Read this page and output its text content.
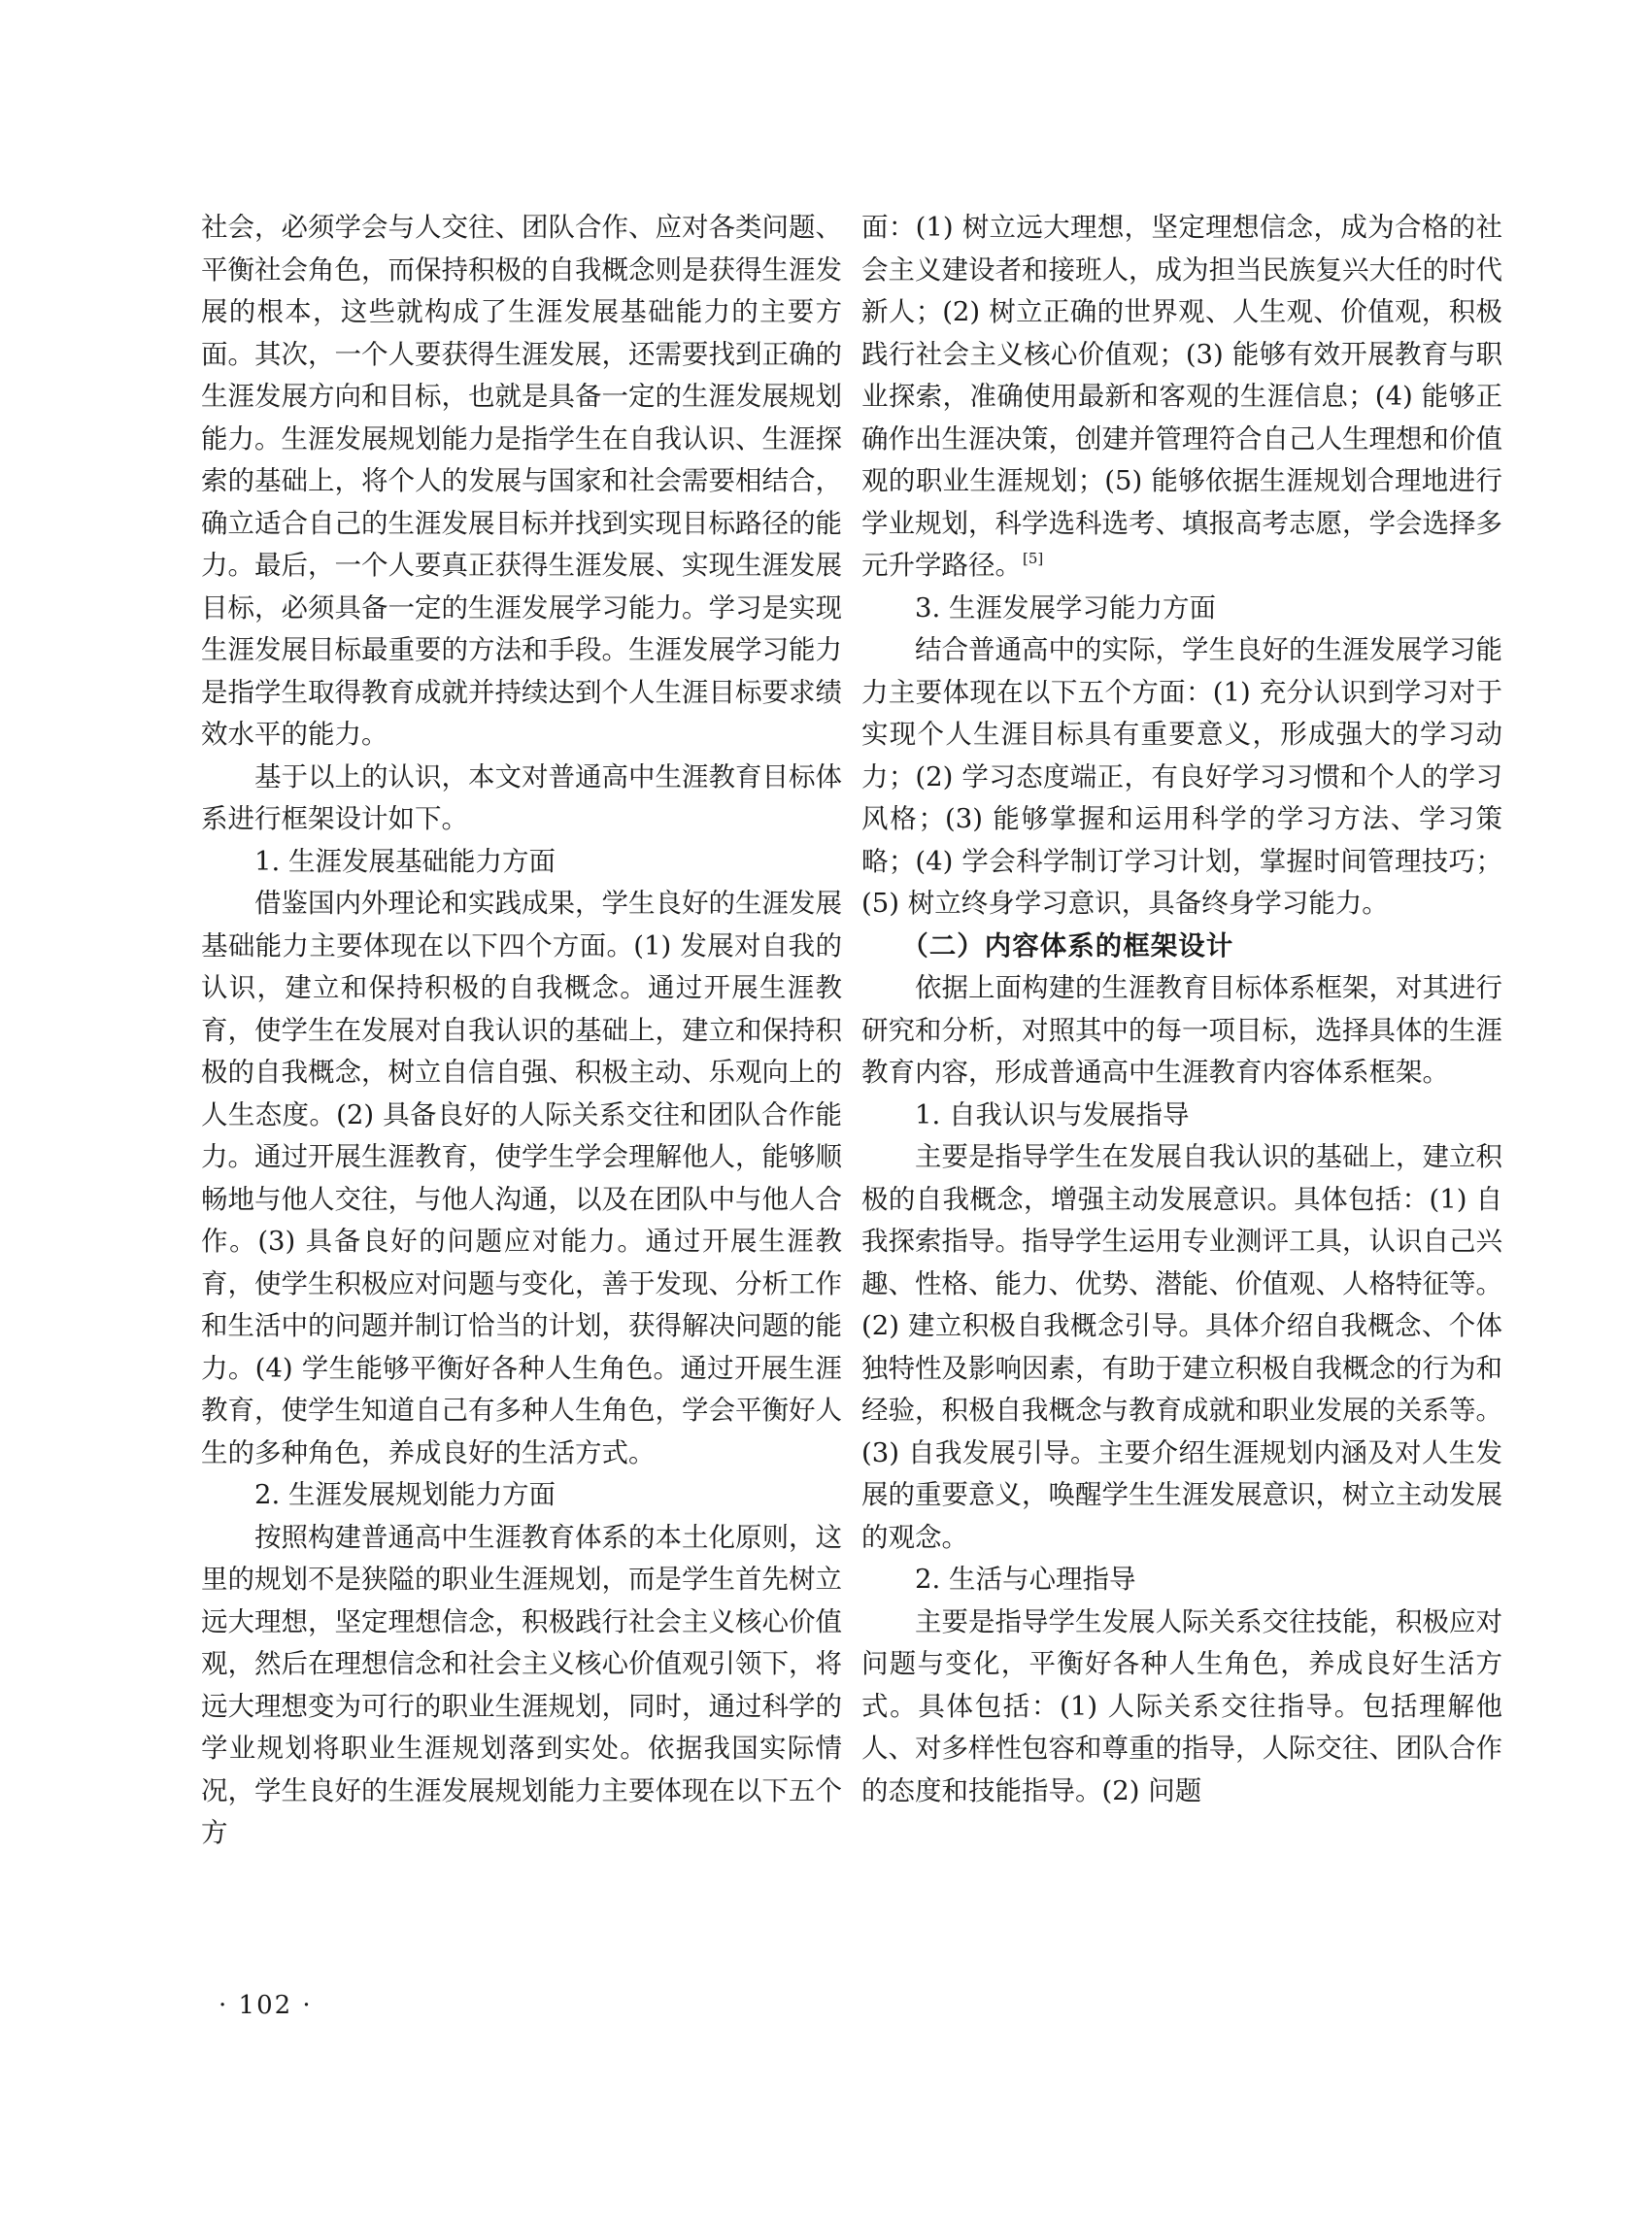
社会，必须学会与人交往、团队合作、应对各类问题、平衡社会角色，而保持积极的自我概念则是获得生涯发展的根本，这些就构成了生涯发展基础能力的主要方面。其次，一个人要获得生涯发展，还需要找到正确的生涯发展方向和目标，也就是具备一定的生涯发展规划能力。生涯发展规划能力是指学生在自我认识、生涯探索的基础上，将个人的发展与国家和社会需要相结合，确立适合自己的生涯发展目标并找到实现目标路径的能力。最后，一个人要真正获得生涯发展、实现生涯发展目标，必须具备一定的生涯发展学习能力。学习是实现生涯发展目标最重要的方法和手段。生涯发展学习能力是指学生取得教育成就并持续达到个人生涯目标要求绩效水平的能力。

基于以上的认识，本文对普通高中生涯教育目标体系进行框架设计如下。

1. 生涯发展基础能力方面

借鉴国内外理论和实践成果，学生良好的生涯发展基础能力主要体现在以下四个方面。(1) 发展对自我的认识，建立和保持积极的自我概念。通过开展生涯教育，使学生在发展对自我认识的基础上，建立和保持积极的自我概念，树立自信自强、积极主动、乐观向上的人生态度。(2) 具备良好的人际关系交往和团队合作能力。通过开展生涯教育，使学生学会理解他人，能够顺畅地与他人交往，与他人沟通，以及在团队中与他人合作。(3) 具备良好的问题应对能力。通过开展生涯教育，使学生积极应对问题与变化，善于发现、分析工作和生活中的问题并制订恰当的计划，获得解决问题的能力。(4) 学生能够平衡好各种人生角色。通过开展生涯教育，使学生知道自己有多种人生角色，学会平衡好人生的多种角色，养成良好的生活方式。

2. 生涯发展规划能力方面

按照构建普通高中生涯教育体系的本土化原则，这里的规划不是狭隘的职业生涯规划，而是学生首先树立远大理想，坚定理想信念，积极践行社会主义核心价值观，然后在理想信念和社会主义核心价值观引领下，将远大理想变为可行的职业生涯规划，同时，通过科学的学业规划将职业生涯规划落到实处。依据我国实际情况，学生良好的生涯发展规划能力主要体现在以下五个方

面：(1) 树立远大理想，坚定理想信念，成为合格的社会主义建设者和接班人，成为担当民族复兴大任的时代新人；(2) 树立正确的世界观、人生观、价值观，积极践行社会主义核心价值观；(3) 能够有效开展教育与职业探索，准确使用最新和客观的生涯信息；(4) 能够正确作出生涯决策，创建并管理符合自己人生理想和价值观的职业生涯规划；(5) 能够依据生涯规划合理地进行学业规划，科学选科选考、填报高考志愿，学会选择多元升学路径。[5]

3. 生涯发展学习能力方面

结合普通高中的实际，学生良好的生涯发展学习能力主要体现在以下五个方面：(1) 充分认识到学习对于实现个人生涯目标具有重要意义，形成强大的学习动力；(2) 学习态度端正，有良好学习习惯和个人的学习风格；(3) 能够掌握和运用科学的学习方法、学习策略；(4) 学会科学制订学习计划，掌握时间管理技巧；(5) 树立终身学习意识，具备终身学习能力。

（二）内容体系的框架设计

依据上面构建的生涯教育目标体系框架，对其进行研究和分析，对照其中的每一项目标，选择具体的生涯教育内容，形成普通高中生涯教育内容体系框架。

1. 自我认识与发展指导

主要是指导学生在发展自我认识的基础上，建立积极的自我概念，增强主动发展意识。具体包括：(1) 自我探索指导。指导学生运用专业测评工具，认识自己兴趣、性格、能力、优势、潜能、价值观、人格特征等。(2) 建立积极自我概念引导。具体介绍自我概念、个体独特性及影响因素，有助于建立积极自我概念的行为和经验，积极自我概念与教育成就和职业发展的关系等。(3) 自我发展引导。主要介绍生涯规划内涵及对人生发展的重要意义，唤醒学生生涯发展意识，树立主动发展的观念。

2. 生活与心理指导

主要是指导学生发展人际关系交往技能，积极应对问题与变化，平衡好各种人生角色，养成良好生活方式。具体包括：(1) 人际关系交往指导。包括理解他人、对多样性包容和尊重的指导，人际交往、团队合作的态度和技能指导。(2) 问题

· 102 ·
